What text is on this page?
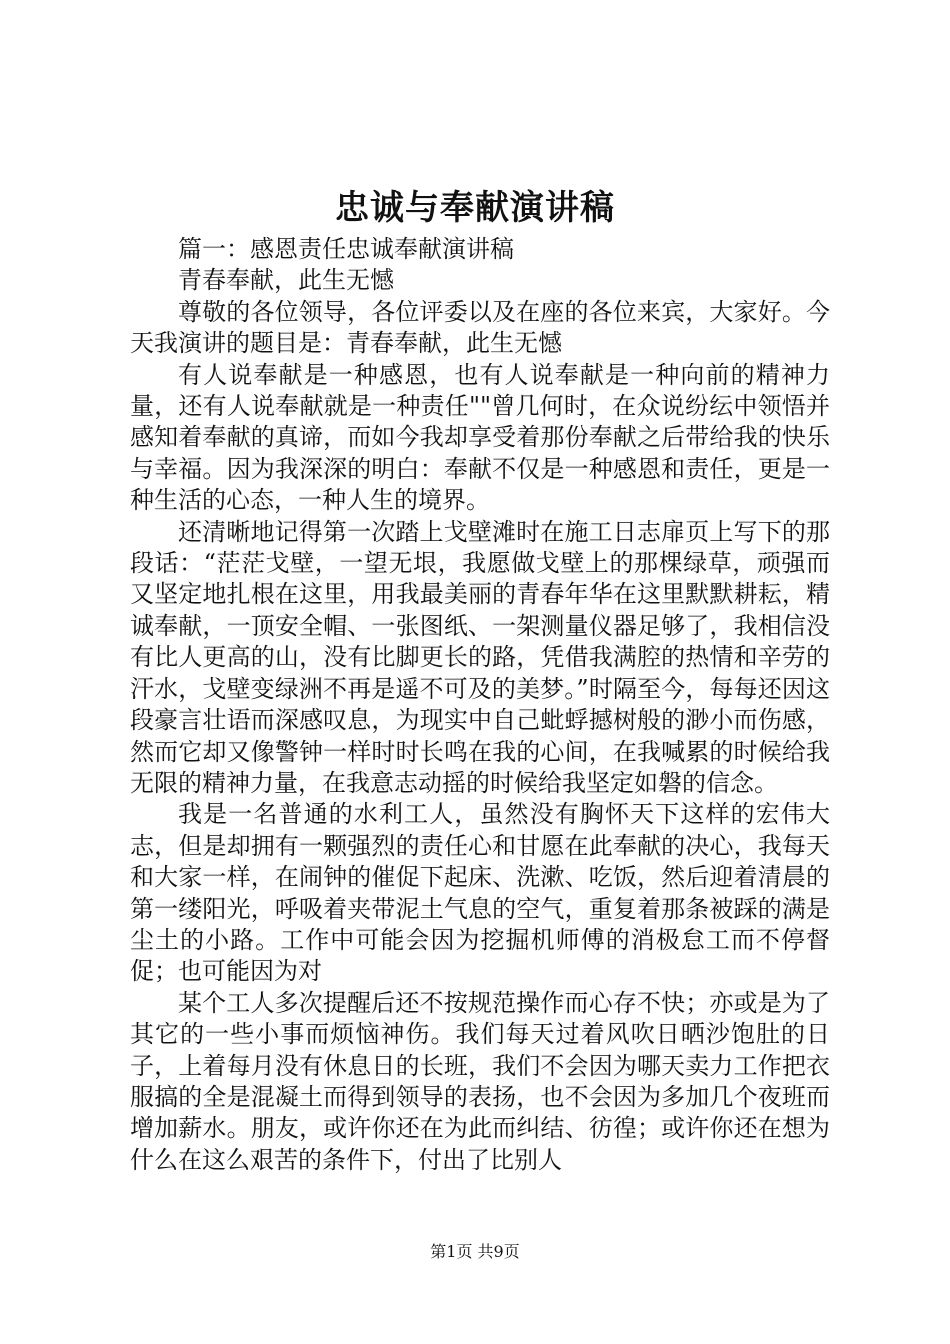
忠诚与奉献演讲稿

篇一：感恩责任忠诚奉献演讲稿

青春奉献，此生无憾

尊敬的各位领导，各位评委以及在座的各位来宾，大家好。今天我演讲的题目是：青春奉献，此生无憾

有人说奉献是一种感恩，也有人说奉献是一种向前的精神力量，还有人说奉献就是一种责任""曾几何时，在众说纷纭中领悟并感知着奉献的真谛，而如今我却享受着那份奉献之后带给我的快乐与幸福。因为我深深的明白：奉献不仅是一种感恩和责任，更是一种生活的心态，一种人生的境界。

还清晰地记得第一次踏上戈壁滩时在施工日志扉页上写下的那段话：“茫茫戈壁，一望无垠，我愿做戈壁上的那棵绿草，顽强而又坚定地扎根在这里，用我最美丽的青春年华在这里默默耕耘，精诚奉献，一顶安全帽、一张图纸、一架测量仪器足够了，我相信没有比人更高的山，没有比脚更长的路，凭借我满腔的热情和辛劳的汗水，戈壁变绿洲不再是遥不可及的美梦。”时隔至今，每每还因这段豪言壮语而深感叹息，为现实中自己蚍蜉撼树般的渺小而伤感，然而它却又像警钟一样时时长鸣在我的心间，在我喊累的时候给我无限的精神力量，在我意志动摇的时候给我坚定如磐的信念。

我是一名普通的水利工人，虽然没有胸怀天下这样的宏伟大志，但是却拥有一颗强烈的责任心和甘愿在此奉献的决心，我每天和大家一样，在闹钟的催促下起床、洗漱、吃饭，然后迎着清晨的第一缕阳光，呼吸着夹带泥土气息的空气，重复着那条被踩的满是尘土的小路。工作中可能会因为挖掘机师傅的消极怠工而不停督促；也可能因为对

某个工人多次提醒后还不按规范操作而心存不快；亦或是为了其它的一些小事而烦恼神伤。我们每天过着风吹日晒沙饱肚的日子，上着每月没有休息日的长班，我们不会因为哪天卖力工作把衣服搞的全是混凝土而得到领导的表扬，也不会因为多加几个夜班而增加薪水。朋友，或许你还在为此而纠结、彷徨；或许你还在想为什么在这么艰苦的条件下，付出了比别人

第1页 共9页
